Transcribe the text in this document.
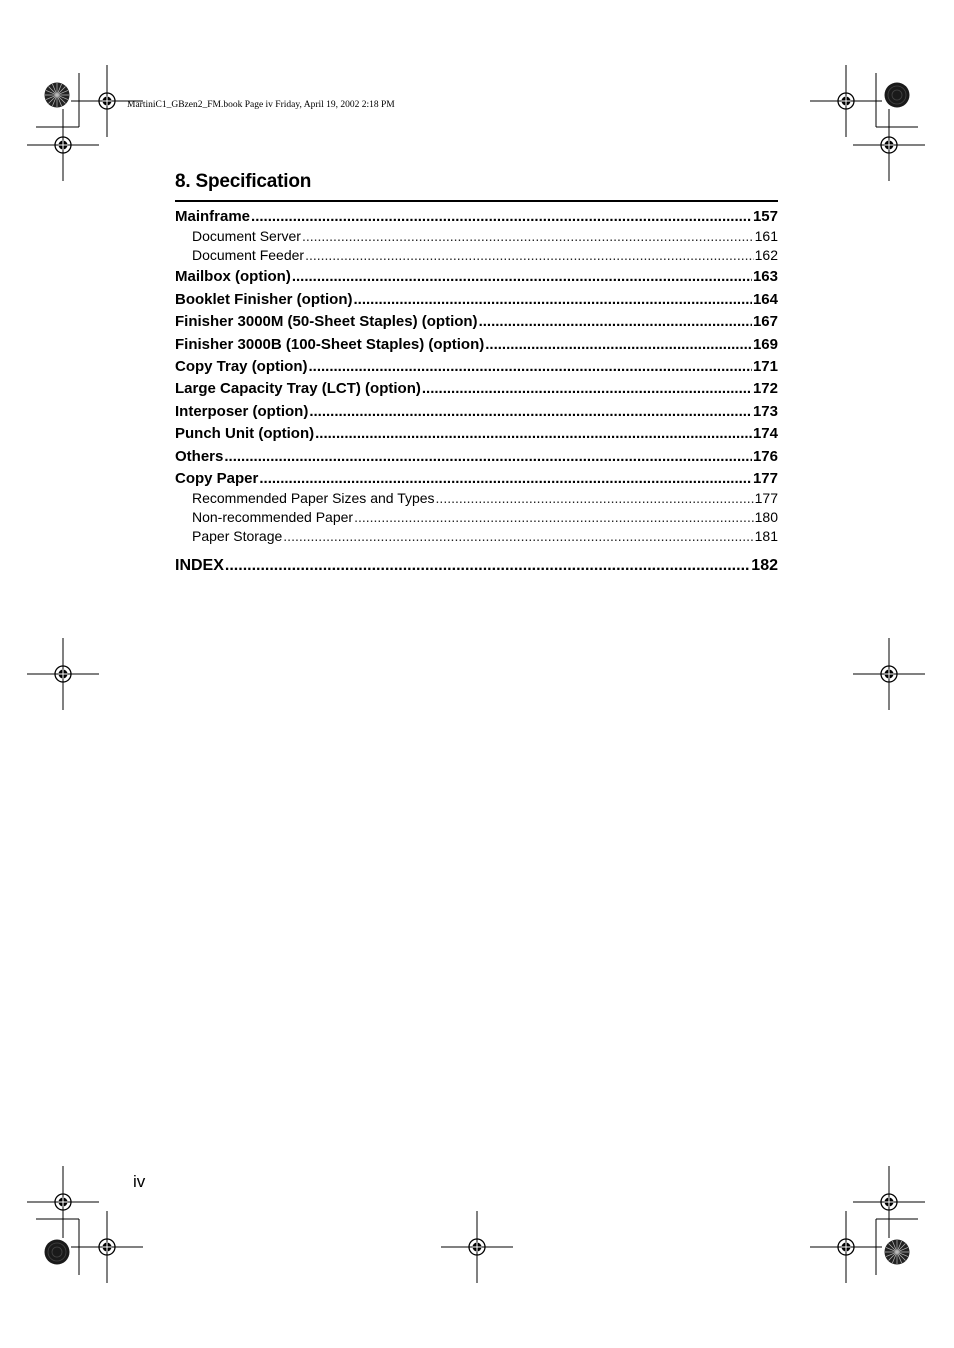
MartiniC1_GBzen2_FM.book Page iv Friday, April 19, 2002 2:18 PM
8. Specification
Mainframe .....	157
Document Server .....	161
Document Feeder .....	162
Mailbox (option) .....	163
Booklet Finisher (option) .....	164
Finisher 3000M (50-Sheet Staples) (option) .....	167
Finisher 3000B (100-Sheet Staples) (option) .....	169
Copy Tray (option) .....	171
Large Capacity Tray (LCT) (option) .....	172
Interposer (option) .....	173
Punch Unit (option) .....	174
Others .....	176
Copy Paper .....	177
Recommended Paper Sizes and Types .....	177
Non-recommended Paper .....	180
Paper Storage .....	181
INDEX .....	182
iv
